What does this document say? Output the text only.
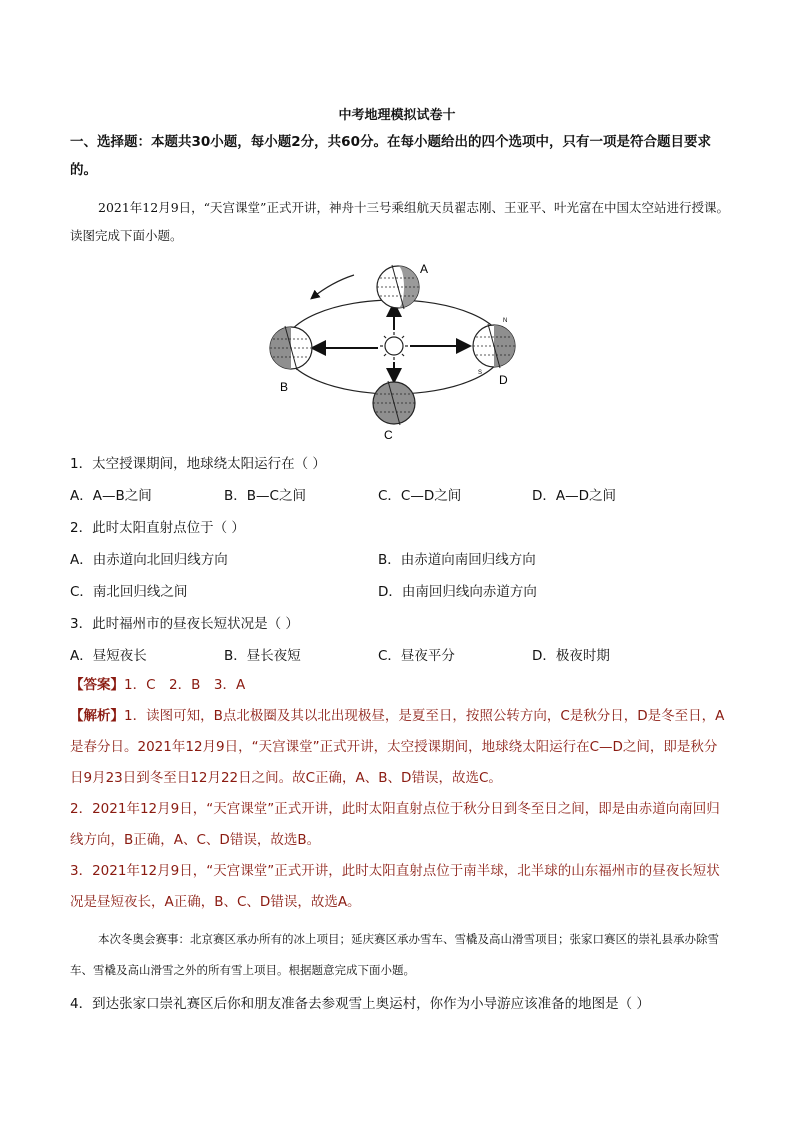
中考地理模拟试卷十
一、选择题：本题共30小题，每小题2分，共60分。在每小题给出的四个选项中，只有一项是符合题目要求的。
2021年12月9日，“天宫课堂”正式开讲，神舟十三号乘组航天员翟志刚、王亚平、叶光富在中国太空站进行授课。读图完成下面小题。
A
B
C
D
N
S
1．太空授课期间，地球绕太阳运行在（ ）
A．A—B之间	B．B—C之间	C．C—D之间	D．A—D之间
2．此时太阳直射点位于（ ）
A．由赤道向北回归线方向	B．由赤道向南回归线方向
C．南北回归线之间	D．由南回归线向赤道方向
3．此时福州市的昼夜长短状况是（ ）
A．昼短夜长	B．昼长夜短	C．昼夜平分	D．极夜时期
【答案】1．C　2．B　3．A
【解析】1．读图可知，B点北极圈及其以北出现极昼，是夏至日，按照公转方向，C是秋分日，D是冬至日，A是春分日。2021年12月9日，“天宫课堂”正式开讲，太空授课期间，地球绕太阳运行在C—D之间，即是秋分日9月23日到冬至日12月22日之间。故C正确，A、B、D错误，故选C。
2．2021年12月9日，“天宫课堂”正式开讲，此时太阳直射点位于秋分日到冬至日之间，即是由赤道向南回归线方向，B正确，A、C、D错误，故选B。
3．2021年12月9日，“天宫课堂”正式开讲，此时太阳直射点位于南半球，北半球的山东福州市的昼夜长短状况是昼短夜长，A正确，B、C、D错误，故选A。
本次冬奥会赛事：北京赛区承办所有的冰上项目；延庆赛区承办雪车、雪橇及高山滑雪项目；张家口赛区的崇礼县承办除雪车、雪橇及高山滑雪之外的所有雪上项目。根据题意完成下面小题。
4．到达张家口崇礼赛区后你和朋友准备去参观雪上奥运村，你作为小导游应该准备的地图是（ ）
